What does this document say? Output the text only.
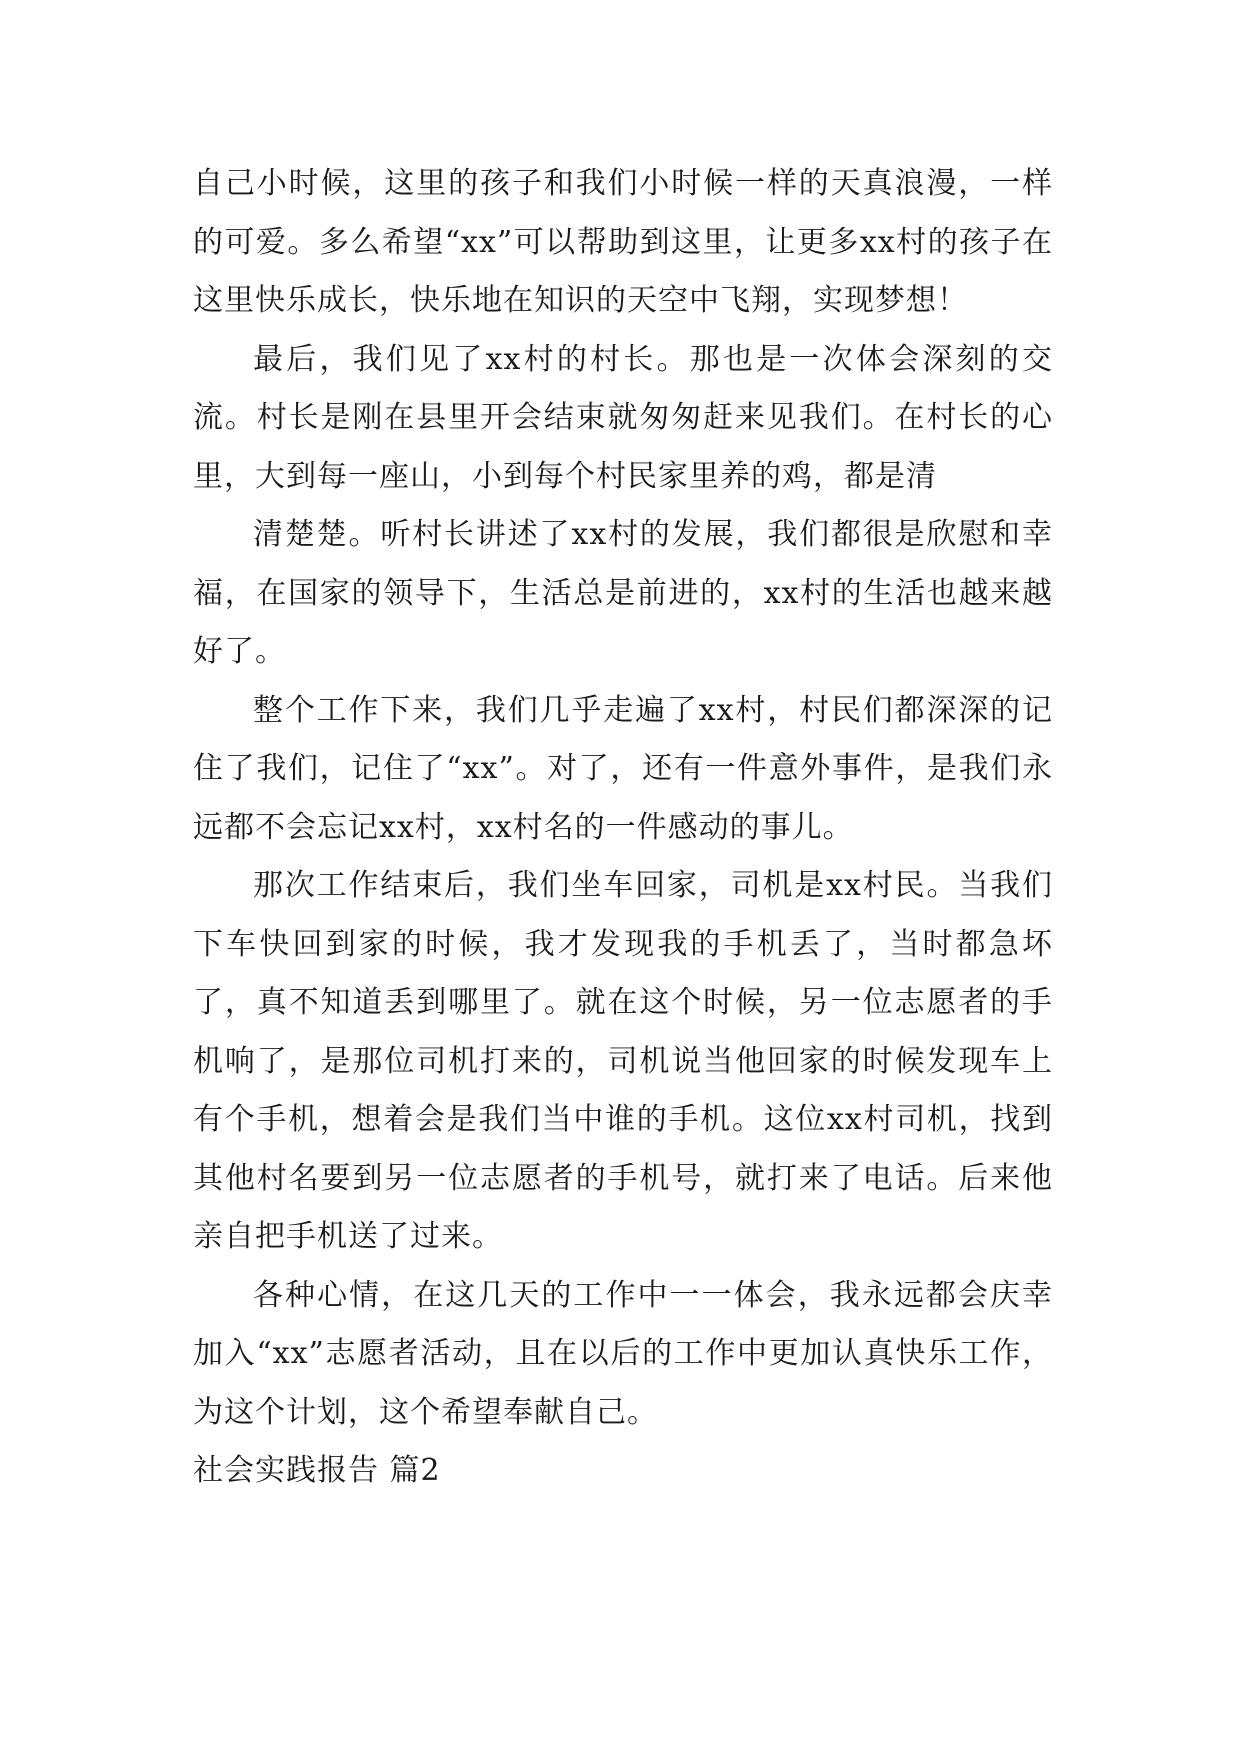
自己小时候，这里的孩子和我们小时候一样的天真浪漫，一样的可爱。多么希望“xx”可以帮助到这里，让更多xx村的孩子在这里快乐成长，快乐地在知识的天空中飞翔，实现梦想！

最后，我们见了xx村的村长。那也是一次体会深刻的交流。村长是刚在县里开会结束就匆匆赶来见我们。在村长的心里，大到每一座山，小到每个村民家里养的鸡，都是清

清楚楚。听村长讲述了xx村的发展，我们都很是欣慰和幸福，在国家的领导下，生活总是前进的，xx村的生活也越来越好了。

整个工作下来，我们几乎走遍了xx村，村民们都深深的记住了我们，记住了“xx”。对了，还有一件意外事件，是我们永远都不会忘记xx村，xx村名的一件感动的事儿。

那次工作结束后，我们坐车回家，司机是xx村民。当我们下车快回到家的时候，我才发现我的手机丢了，当时都急坏了，真不知道丢到哪里了。就在这个时候，另一位志愿者的手机响了，是那位司机打来的，司机说当他回家的时候发现车上有个手机，想着会是我们当中谁的手机。这位xx村司机，找到其他村名要到另一位志愿者的手机号，就打来了电话。后来他亲自把手机送了过来。

各种心情，在这几天的工作中一一体会，我永远都会庆幸加入“xx”志愿者活动，且在以后的工作中更加认真快乐工作，为这个计划，这个希望奉献自己。

社会实践报告 篇2
